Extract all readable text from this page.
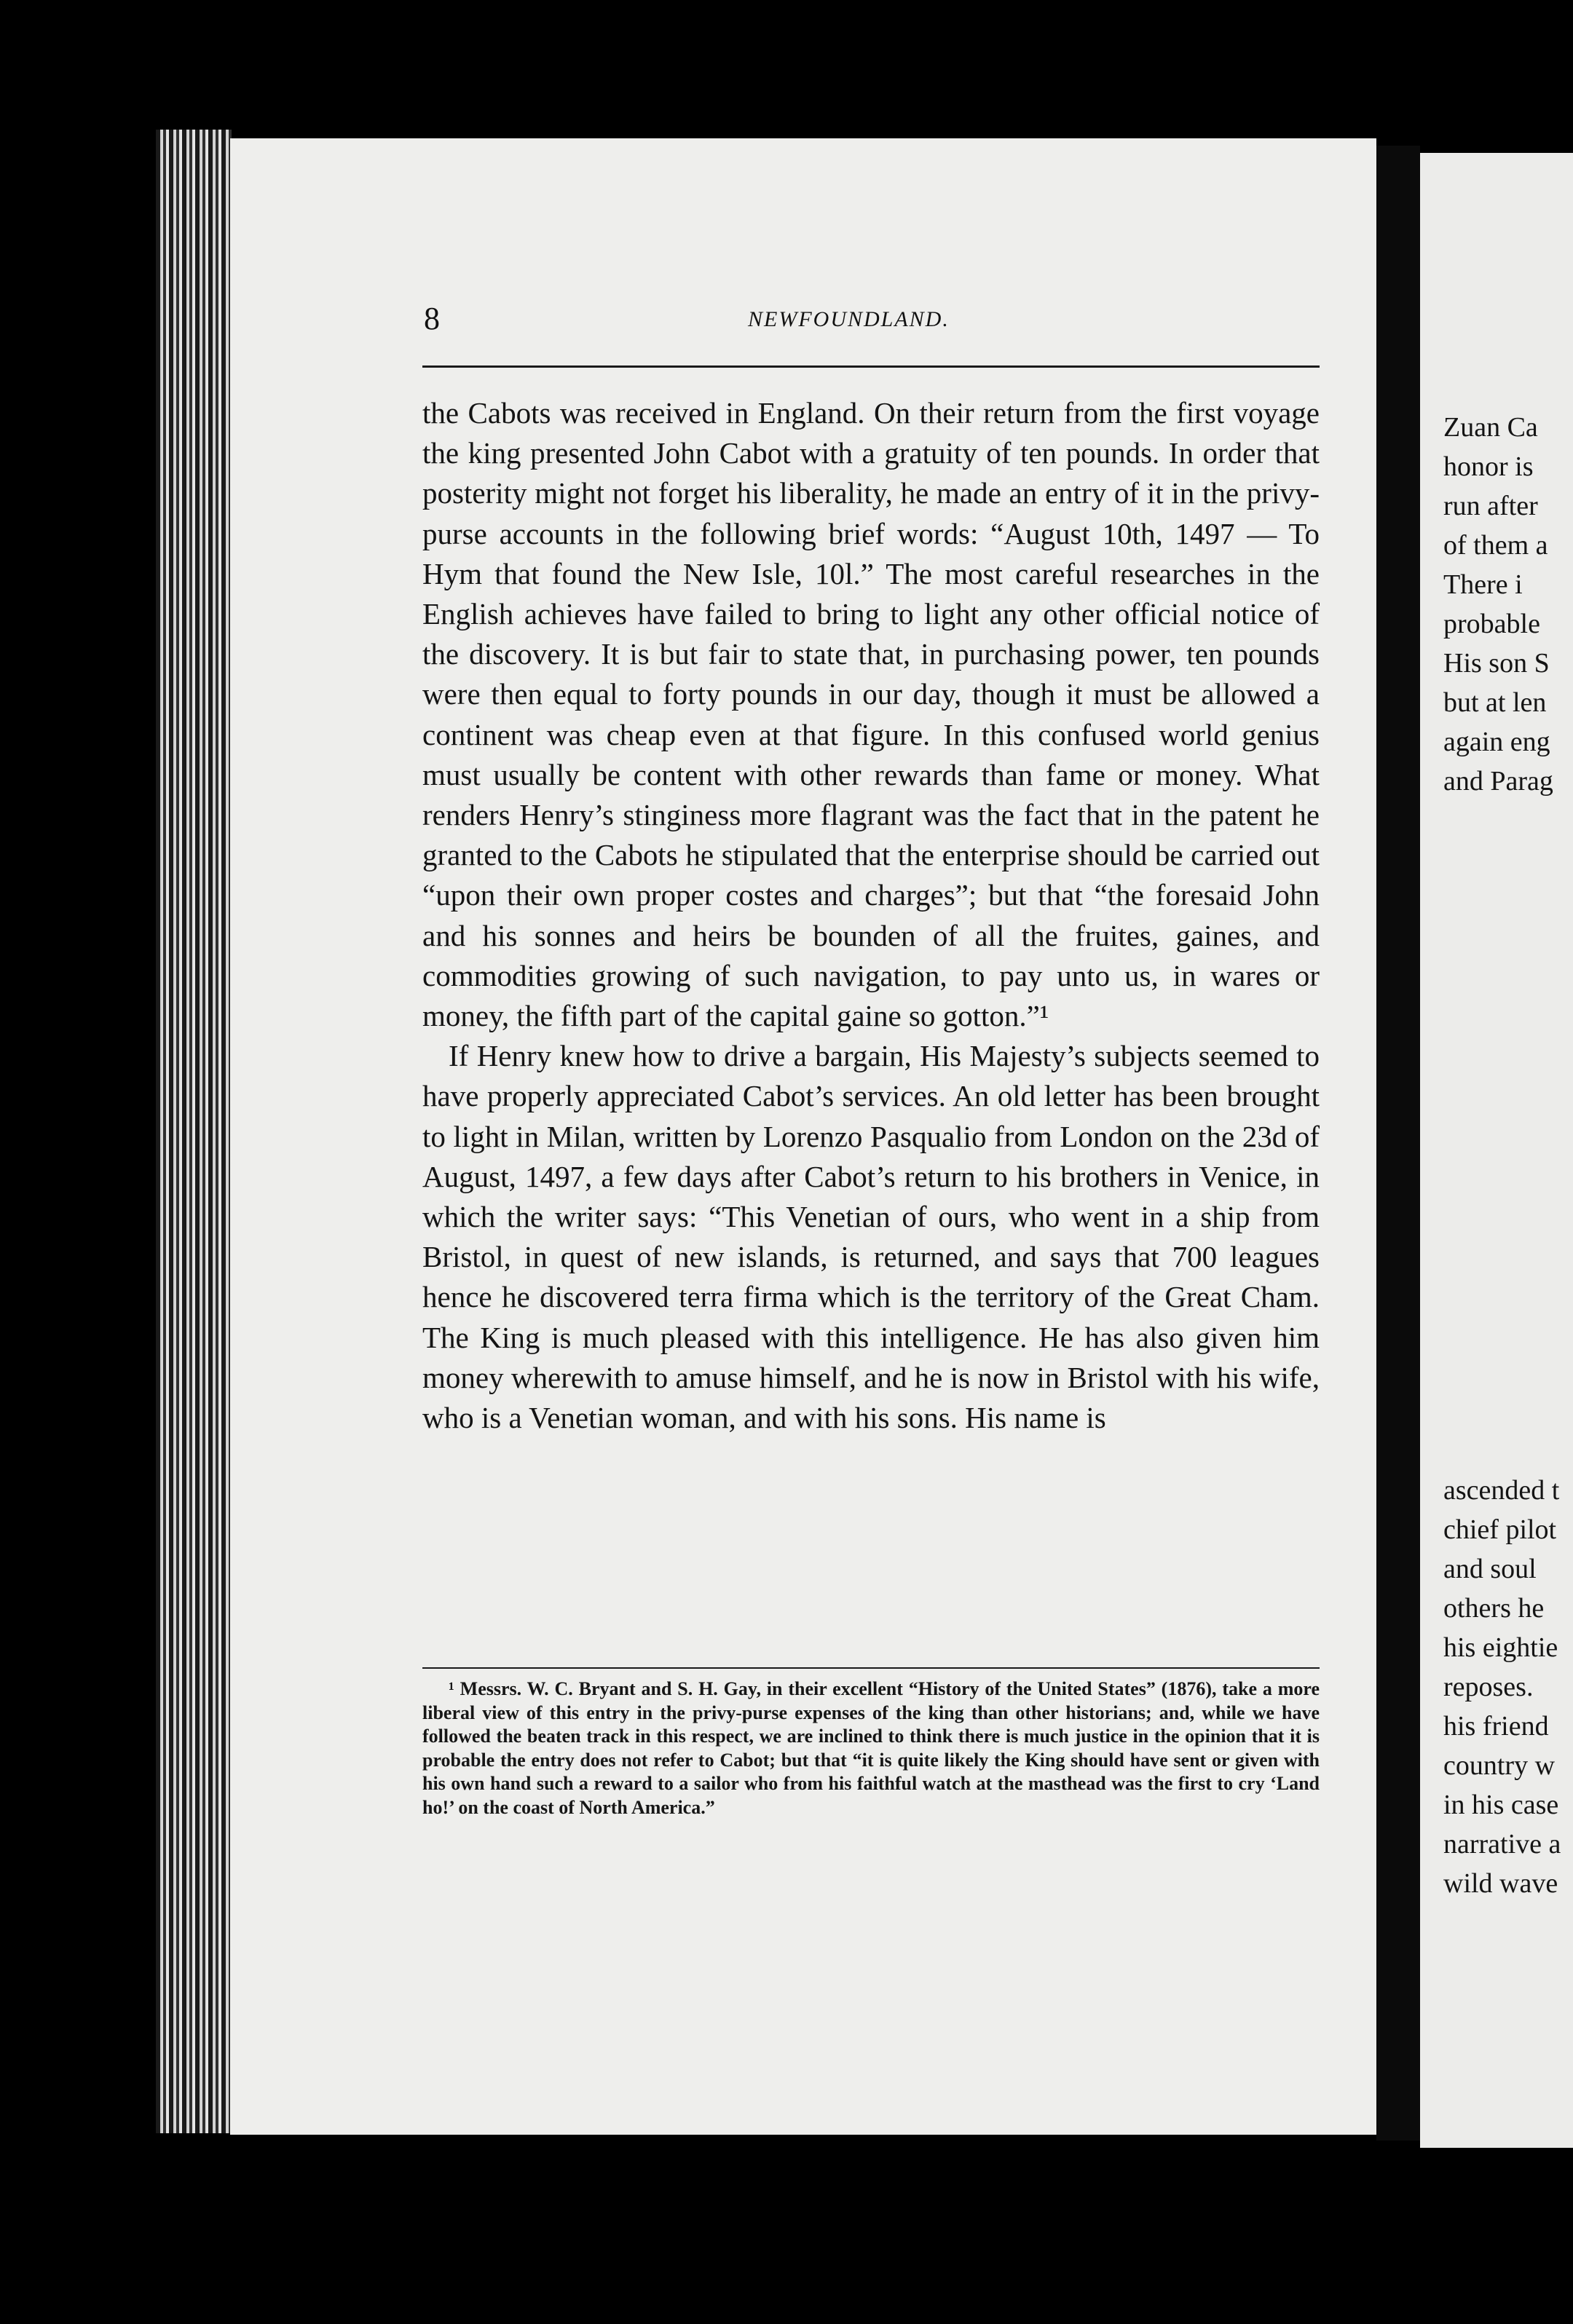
Zuan Ca
honor is
run after
of them a
There i
probable
His son S
but at len
again eng
and Parag
ascended t
chief pilot
and soul
others he
his eightie
reposes.
his friend
country w
in his case
narrative a
wild wave
8	NEWFOUNDLAND.

the Cabots was received in England. On their return from the first voyage the king presented John Cabot with a gratuity of ten pounds. In order that posterity might not forget his liberality, he made an entry of it in the privy-purse accounts in the following brief words: “August 10th, 1497 — To Hym that found the New Isle, 10l.” The most careful researches in the English achieves have failed to bring to light any other official notice of the discovery. It is but fair to state that, in purchasing power, ten pounds were then equal to forty pounds in our day, though it must be allowed a continent was cheap even at that figure. In this confused world genius must usually be content with other rewards than fame or money. What renders Henry’s stinginess more flagrant was the fact that in the patent he granted to the Cabots he stipulated that the enterprise should be carried out “upon their own proper costes and charges”; but that “the foresaid John and his sonnes and heirs be bounden of all the fruites, gaines, and commodities growing of such navigation, to pay unto us, in wares or money, the fifth part of the capital gaine so gotton.”¹

If Henry knew how to drive a bargain, His Majesty’s subjects seemed to have properly appreciated Cabot’s services. An old letter has been brought to light in Milan, written by Lorenzo Pasqualio from London on the 23d of August, 1497, a few days after Cabot’s return to his brothers in Venice, in which the writer says: “This Venetian of ours, who went in a ship from Bristol, in quest of new islands, is returned, and says that 700 leagues hence he discovered terra firma which is the territory of the Great Cham. The King is much pleased with this intelligence. He has also given him money wherewith to amuse himself, and he is now in Bristol with his wife, who is a Venetian woman, and with his sons. His name is

¹ Messrs. W. C. Bryant and S. H. Gay, in their excellent “History of the United States” (1876), take a more liberal view of this entry in the privy-purse expenses of the king than other historians; and, while we have followed the beaten track in this respect, we are inclined to think there is much justice in the opinion that it is probable the entry does not refer to Cabot; but that “it is quite likely the King should have sent or given with his own hand such a reward to a sailor who from his faithful watch at the masthead was the first to cry ‘Land ho!’ on the coast of North America.”
